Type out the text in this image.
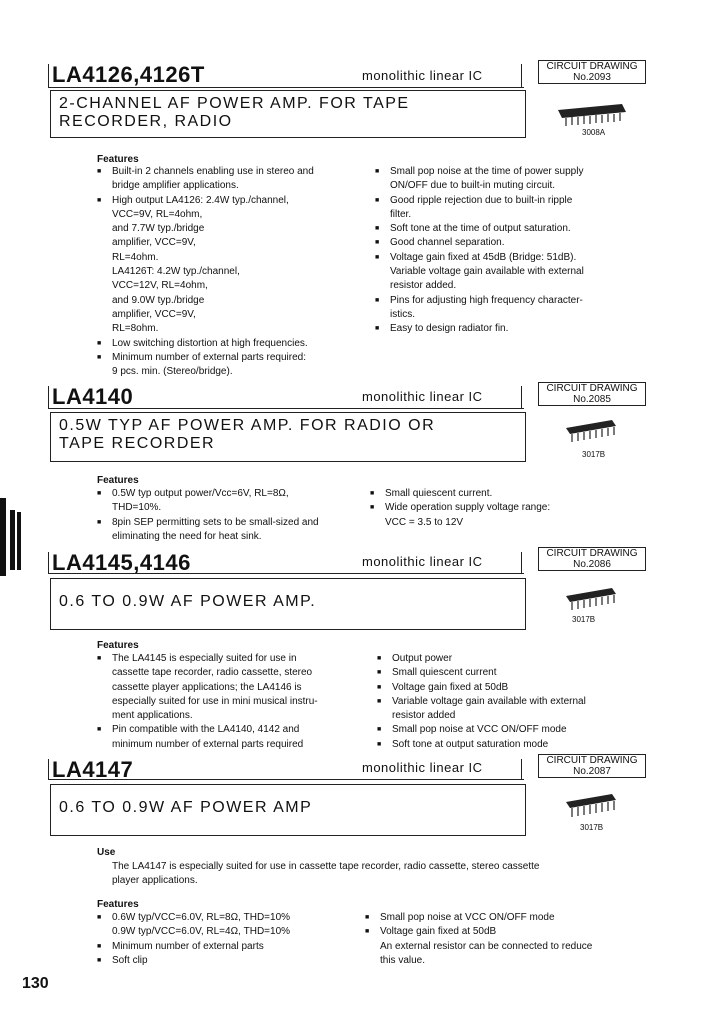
LA4126,4126T	monolithic linear IC
CIRCUIT DRAWING
No.2093
2-CHANNEL AF POWER AMP. FOR TAPE
RECORDER, RADIO
3008A
Features
■ Built-in 2 channels enabling use in stereo and
bridge amplifier applications.
■ High output LA4126: 2.4W typ./channel,
VCC=9V, RL=4ohm,
and 7.7W typ./bridge
amplifier, VCC=9V,
RL=4ohm.
LA4126T: 4.2W typ./channel,
VCC=12V, RL=4ohm,
and 9.0W typ./bridge
amplifier, VCC=9V,
RL=8ohm.
■ Low switching distortion at high frequencies.
■ Minimum number of external parts required:
9 pcs. min. (Stereo/bridge).
■ Small pop noise at the time of power supply
ON/OFF due to built-in muting circuit.
■ Good ripple rejection due to built-in ripple
filter.
■ Soft tone at the time of output saturation.
■ Good channel separation.
■ Voltage gain fixed at 45dB (Bridge: 51dB).
Variable voltage gain available with external
resistor added.
■ Pins for adjusting high frequency character-
istics.
■ Easy to design radiator fin.
LA4140	monolithic linear IC
CIRCUIT DRAWING
No.2085
0.5W TYP AF POWER AMP. FOR RADIO OR
TAPE RECORDER
3017B
Features
■ 0.5W typ output power/Vcc=6V, RL=8Ω,
THD=10%.
■ 8pin SEP permitting sets to be small-sized and
eliminating the need for heat sink.
■ Small quiescent current.
■ Wide operation supply voltage range:
VCC = 3.5 to 12V
LA4145,4146	monolithic linear IC
CIRCUIT DRAWING
No.2086
0.6 TO 0.9W AF POWER AMP.
3017B
Features
■ The LA4145 is especially suited for use in
cassette tape recorder, radio cassette, stereo
cassette player applications; the LA4146 is
especially suited for use in mini musical instru-
ment applications.
■ Pin compatible with the LA4140, 4142 and
minimum number of external parts required
■ Output power
■ Small quiescent current
■ Voltage gain fixed at 50dB
■ Variable voltage gain available with external
resistor added
■ Small pop noise at VCC ON/OFF mode
■ Soft tone at output saturation mode
LA4147	monolithic linear IC	CIRCUIT DRAWING
No.2087
0.6 TO 0.9W AF POWER AMP
3017B
Use
The LA4147 is especially suited for use in cassette tape recorder, radio cassette, stereo cassette
player applications.
Features
■ 0.6W typ/VCC=6.0V, RL=8Ω, THD=10%
0.9W typ/VCC=6.0V, RL=4Ω, THD=10%
■ Minimum number of external parts
■ Soft clip
■ Small pop noise at VCC ON/OFF mode
■ Voltage gain fixed at 50dB
An external resistor can be connected to reduce
this value.
130
